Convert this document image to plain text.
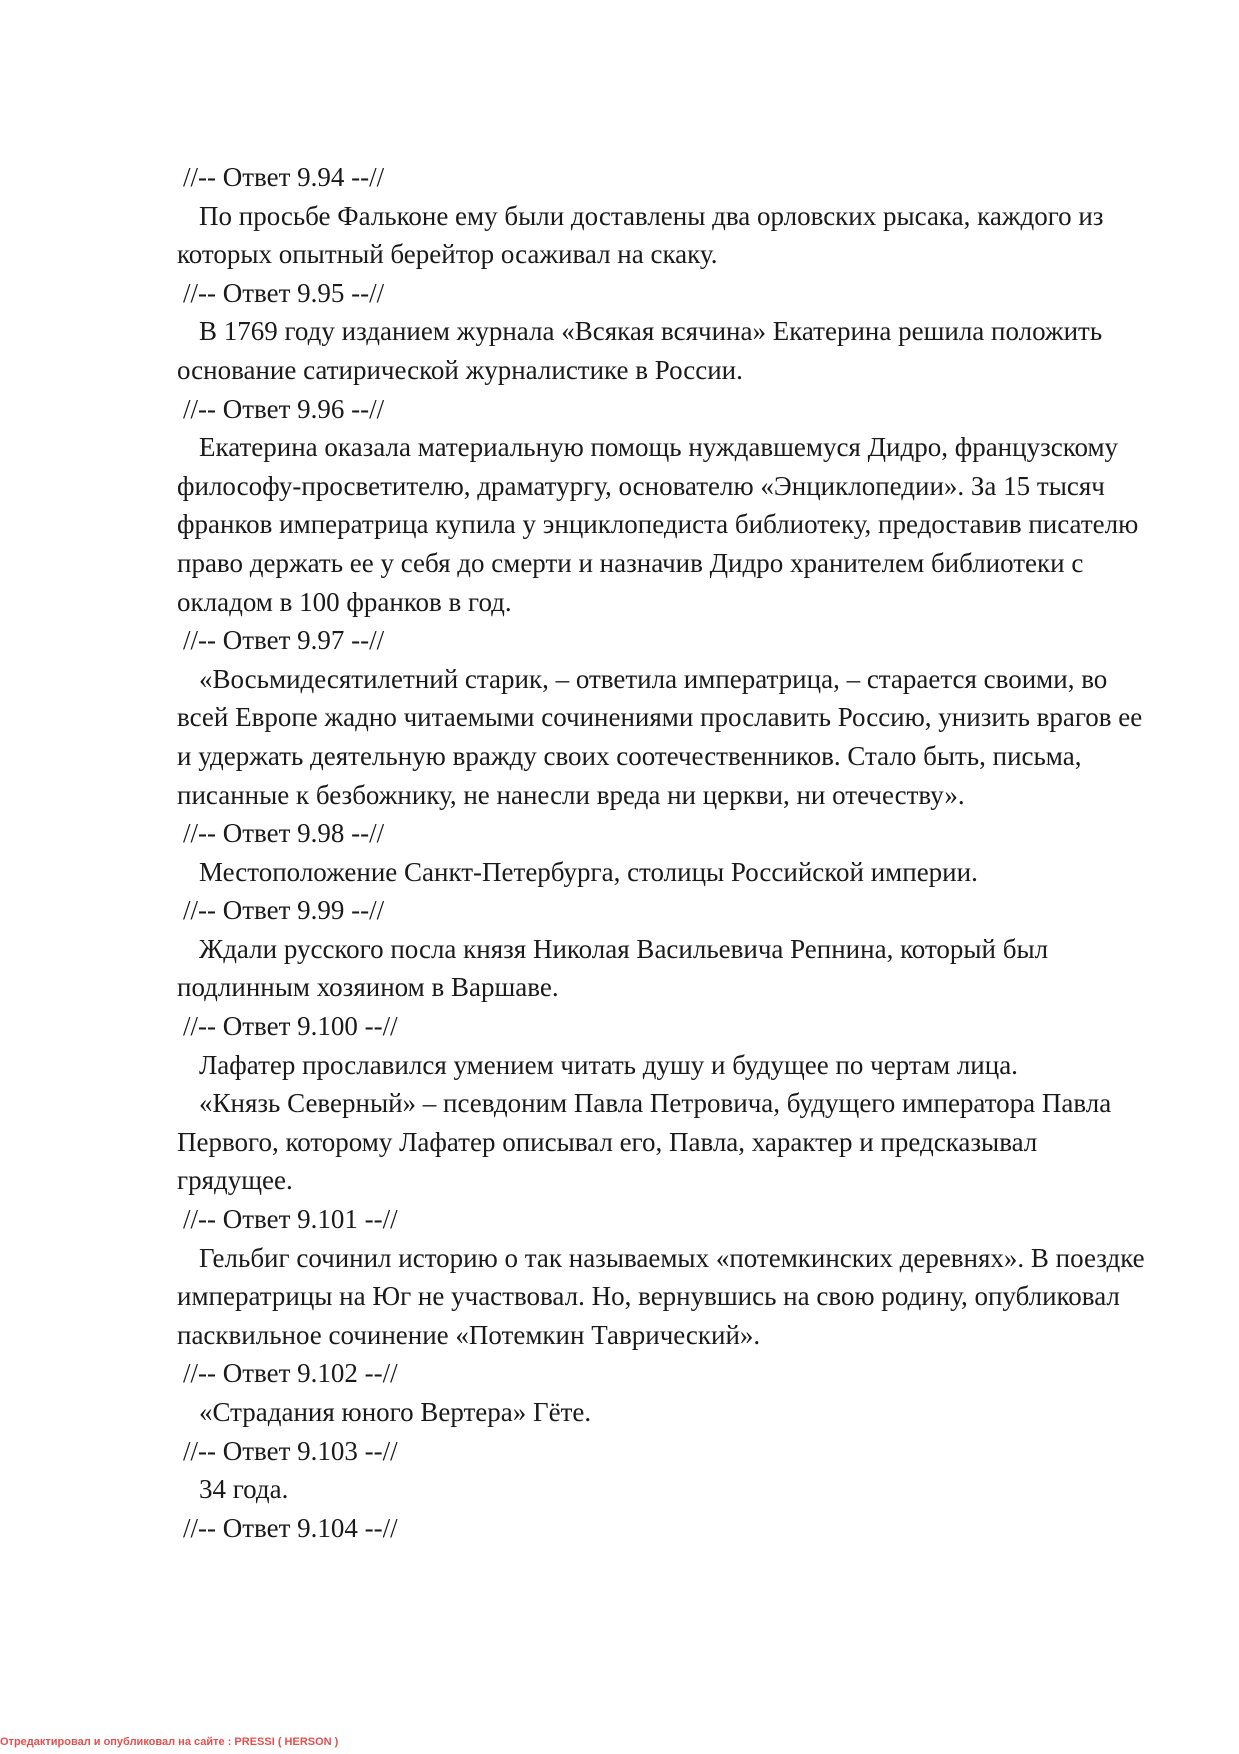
//-- Ответ 9.94 --//
По просьбе Фальконе ему были доставлены два орловских рысака, каждого из которых опытный берейтор осаживал на скаку.
//-- Ответ 9.95 --//
В 1769 году изданием журнала «Всякая всячина» Екатерина решила положить основание сатирической журналистике в России.
//-- Ответ 9.96 --//
Екатерина оказала материальную помощь нуждавшемуся Дидро, французскому философу-просветителю, драматургу, основателю «Энциклопедии». За 15 тысяч франков императрица купила у энциклопедиста библиотеку, предоставив писателю право держать ее у себя до смерти и назначив Дидро хранителем библиотеки с окладом в 100 франков в год.
//-- Ответ 9.97 --//
«Восьмидесятилетний старик, – ответила императрица, – старается своими, во всей Европе жадно читаемыми сочинениями прославить Россию, унизить врагов ее и удержать деятельную вражду своих соотечественников. Стало быть, письма, писанные к безбожнику, не нанесли вреда ни церкви, ни отечеству».
//-- Ответ 9.98 --//
Местоположение Санкт-Петербурга, столицы Российской империи.
//-- Ответ 9.99 --//
Ждали русского посла князя Николая Васильевича Репнина, который был подлинным хозяином в Варшаве.
//-- Ответ 9.100 --//
Лафатер прославился умением читать душу и будущее по чертам лица.
«Князь Северный» – псевдоним Павла Петровича, будущего императора Павла Первого, которому Лафатер описывал его, Павла, характер и предсказывал грядущее.
//-- Ответ 9.101 --//
Гельбиг сочинил историю о так называемых «потемкинских деревнях». В поездке императрицы на Юг не участвовал. Но, вернувшись на свою родину, опубликовал пасквильное сочинение «Потемкин Таврический».
//-- Ответ 9.102 --//
«Страдания юного Вертера» Гёте.
//-- Ответ 9.103 --//
34 года.
//-- Ответ 9.104 --//
Отредактировал и опубликовал на сайте : PRESSI ( HERSON )
